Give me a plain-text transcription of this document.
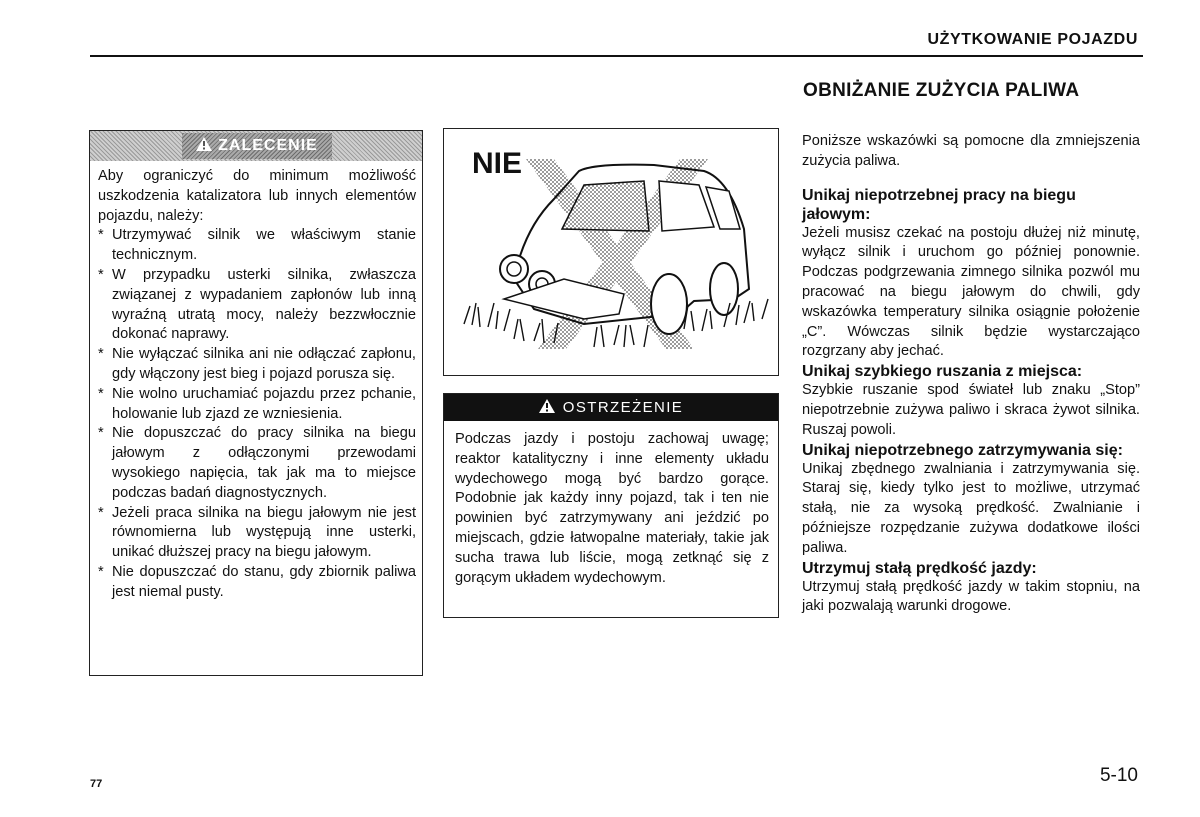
UŻYTKOWANIE POJAZDU
OBNIŻANIE ZUŻYCIA PALIWA
ZALECENIE

Aby ograniczyć do minimum możliwość uszkodzenia katalizatora lub innych elementów pojazdu, należy:

* Utrzymywać silnik we właściwym stanie technicznym.
* W przypadku usterki silnika, zwłaszcza związanej z wypadaniem zapłonów lub inną wyraźną utratą mocy, należy bezzwłocznie dokonać naprawy.
* Nie wyłączać silnika ani nie odłączać zapłonu, gdy włączony jest bieg i pojazd porusza się.
* Nie wolno uruchamiać pojazdu przez pchanie, holowanie lub zjazd ze wzniesienia.
* Nie dopuszczać do pracy silnika na biegu jałowym z odłączonymi przewodami wysokiego napięcia, tak jak ma to miejsce podczas badań diagnostycznych.
* Jeżeli praca silnika na biegu jałowym nie jest równomierna lub występują inne usterki, unikać dłuższej pracy na biegu jałowym.
* Nie dopuszczać do stanu, gdy zbiornik paliwa jest niemal pusty.
NIE
OSTRZEŻENIE
Podczas jazdy i postoju zachowaj uwagę; reaktor katalityczny i inne elementy układu wydechowego mogą być bardzo gorące. Podobnie jak każdy inny pojazd, tak i ten nie powinien być zatrzymywany ani jeździć po miejscach, gdzie łatwopalne materiały, takie jak sucha trawa lub liście, mogą zetknąć się z gorącym układem wydechowym.

Poniższe wskazówki są pomocne dla zmniejszenia zużycia paliwa.

Unikaj niepotrzebnej pracy na biegu jałowym:

Jeżeli musisz czekać na postoju dłużej niż minutę, wyłącz silnik i uruchom go później ponownie. Podczas podgrzewania zimnego silnika pozwól mu pracować na biegu jałowym do chwili, gdy wskazówka temperatury silnika osiągnie położenie „C”. Wówczas silnik będzie wystarczająco rozgrzany aby jechać.

Unikaj szybkiego ruszania z miejsca:

Szybkie ruszanie spod świateł lub znaku „Stop” niepotrzebnie zużywa paliwo i skraca żywot silnika. Ruszaj powoli.

Unikaj niepotrzebnego zatrzymywania się:

Unikaj zbędnego zwalniania i zatrzymywania się. Staraj się, kiedy tylko jest to możliwe, utrzymać stałą, nie za wysoką prędkość. Zwalnianie i późniejsze rozpędzanie zużywa dodatkowe ilości paliwa.

Utrzymuj stałą prędkość jazdy:

Utrzymuj stałą prędkość jazdy w takim stopniu, na jaki pozwalają warunki drogowe.

77	5-10
